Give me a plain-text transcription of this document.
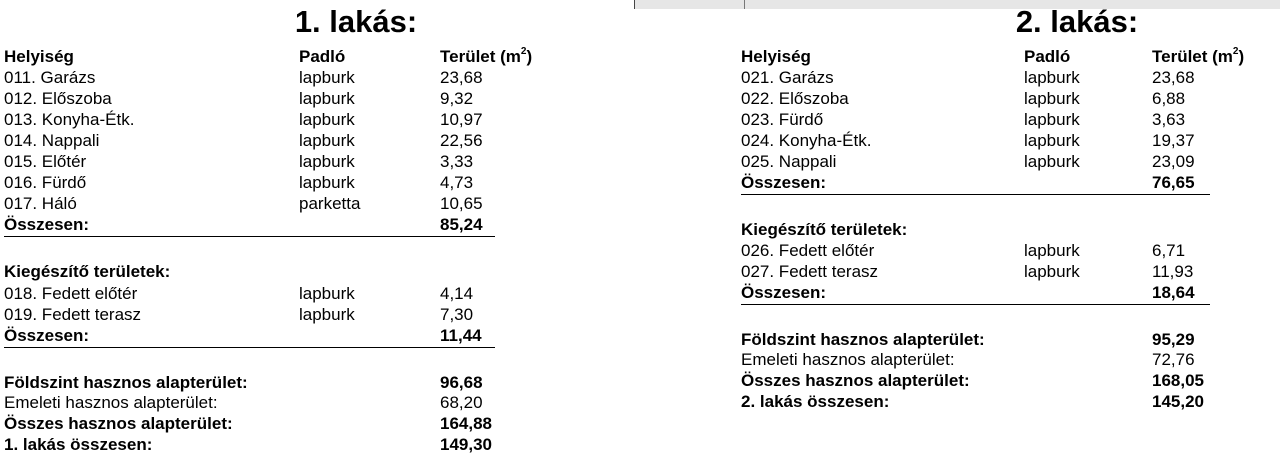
1. lakás:
Helyiség	Padló	Terület $(m^2)$
011. Garázs	lapburk	23,68
012. Előszoba	lapburk	9,32
013. Konyha-Étk.	lapburk	10,97
014. Nappali	lapburk	22,56
015. Előtér	lapburk	3,33
016. Fürdő	lapburk	4,73
017. Háló	parketta	10,65
Összesen:	85,24
Kiegészítő területek:
018. Fedett előtér	lapburk	4,14
019. Fedett terasz	lapburk	7,30
Összesen:	11,44
Földszint hasznos alapterület:	96,68
Emeleti hasznos alapterület:	68,20
Összes hasznos alapterület:	164,88
1. lakás összesen:	149,30
2. lakás:
Helyiség	Padló	Terület $(m^2)$
021. Garázs	lapburk	23,68
022. Előszoba	lapburk	6,88
023. Fürdő	lapburk	3,63
024. Konyha-Étk.	lapburk	19,37
025. Nappali	lapburk	23,09
Összesen:	76,65
Kiegészítő területek:
026. Fedett előtér	lapburk	6,71
027. Fedett terasz	lapburk	11,93
Összesen:	18,64
Földszint hasznos alapterület:	95,29
Emeleti hasznos alapterület:	72,76
Összes hasznos alapterület:	168,05
2. lakás összesen:	145,20
